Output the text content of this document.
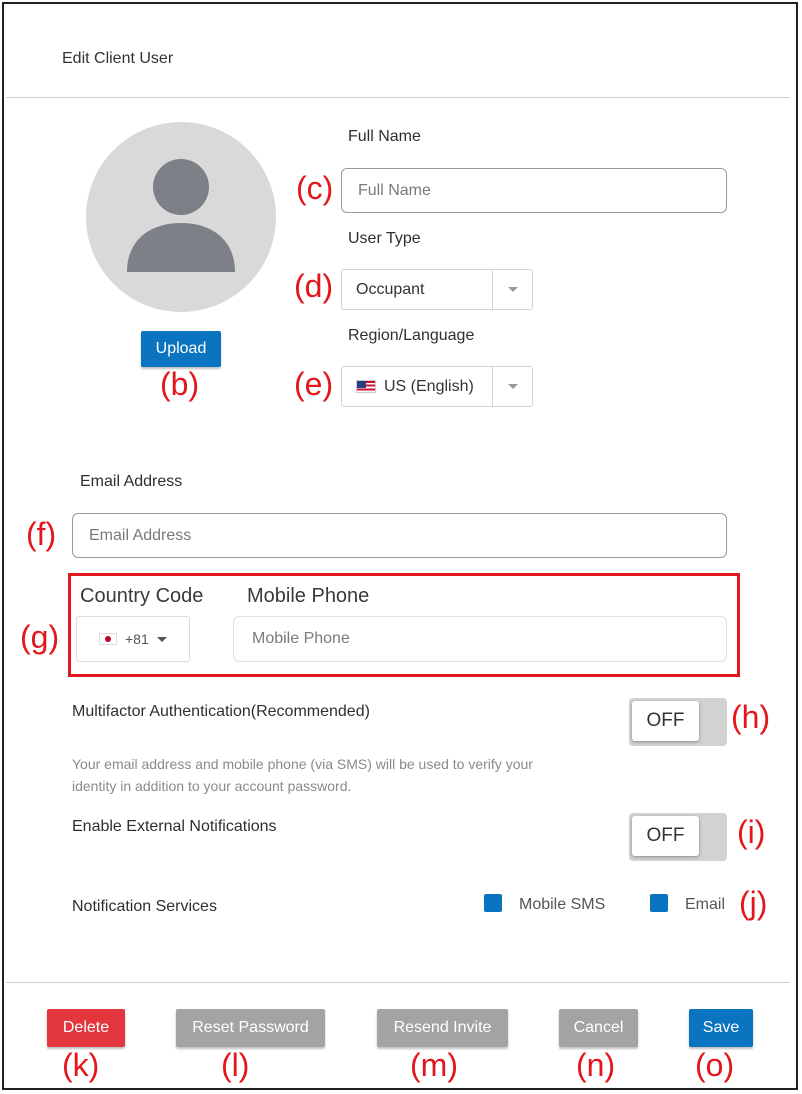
Edit Client User
Upload
(b)
Full Name
(c)
Full Name
User Type
(d) Occupant
Region/Language
(e)	US (English)
Email Address
(f)
Email Address
Country Code Mobile Phone
(g)	+81
Mobile Phone
Multifactor Authentication(Recommended)	OFF	(h)
Your email address and mobile phone (via SMS) will be used to verify your identity in addition to your account password.
Enable External Notifications	OFF	(i)
Notification Services	Mobile SMS	Email (j)
Delete	Reset Password	Resend Invite	Cancel	Save
(k)	(l)	(m)	(n) (o)
